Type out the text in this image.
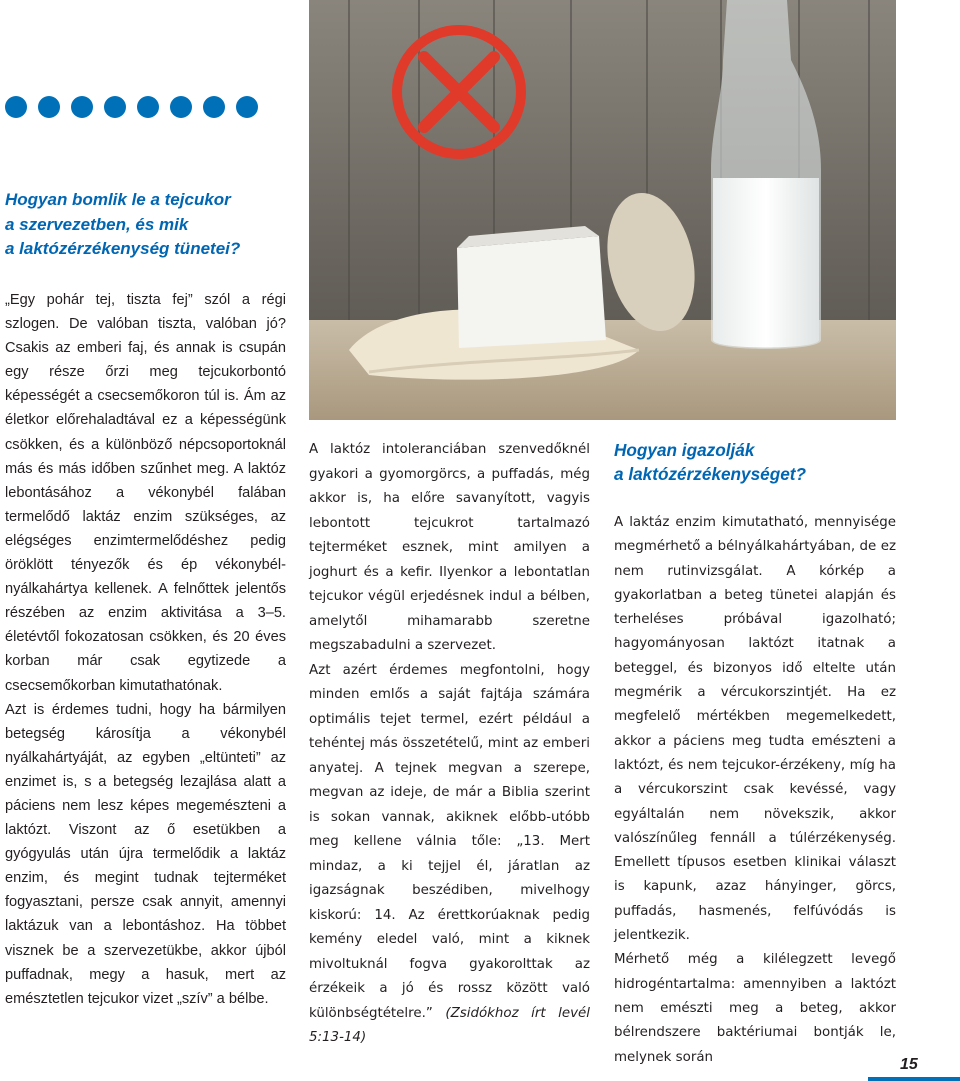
Hogyan bomlik le a tejcukor
a szervezetben, és mik
a laktózérzékenység tünetei?

„Egy pohár tej, tiszta fej” szól a régi szlogen. De valóban tiszta, valóban jó? Csakis az emberi faj, és annak is csupán egy része őrzi meg tejcukorbontó képességét a csecsemőkoron túl is. Ám az életkor előrehaladtával ez a képességünk csökken, és a különböző népcsoportoknál más és más időben szűnhet meg. A laktóz lebontásához a vékonybél falában termelődő laktáz enzim szükséges, az elégséges enzimtermelődéshez pedig öröklött tényezők és ép vékonybél-nyálkahártya kellenek. A felnőttek jelentős részében az enzim aktivitása a 3–5. életévtől fokozatosan csökken, és 20 éves korban már csak egytizede a csecsemőkorban kimutathatónak.

Azt is érdemes tudni, hogy ha bármilyen betegség károsítja a vékonybél nyálkahártyáját, az egyben „eltünteti” az enzimet is, s a betegség lezajlása alatt a páciens nem lesz képes megemészteni a laktózt. Viszont az ő esetükben a gyógyulás után újra termelődik a laktáz enzim, és megint tudnak tejterméket fogyasztani, persze csak annyit, amennyi laktázuk van a lebontáshoz. Ha többet visznek be a szervezetükbe, akkor újból puffadnak, megy a hasuk, mert az emésztetlen tejcukor vizet „szív” a bélbe.

A laktóz intoleranciában szenvedőknél gyakori a gyomorgörcs, a puffadás, még akkor is, ha előre savanyított, vagyis lebontott tejcukrot tartalmazó tejterméket esznek, mint amilyen a joghurt és a kefir. Ilyenkor a lebontatlan tejcukor végül erjedésnek indul a bélben, amelytől mihamarabb szeretne megszabadulni a szervezet.

Azt azért érdemes megfontolni, hogy minden emlős a saját fajtája számára optimális tejet termel, ezért például a tehéntej más összetételű, mint az emberi anyatej. A tejnek megvan a szerepe, megvan az ideje, de már a Biblia szerint is sokan vannak, akiknek előbb-utóbb meg kellene válnia tőle: „13. Mert mindaz, a ki tejjel él, járatlan az igazságnak beszédiben, mivelhogy kiskorú: 14. Az érettkorúaknak pedig kemény eledel való, mint a kiknek mivoltuknál fogva gyakorolttak az érzékeik a jó és rossz között való különbségtételre.” (Zsidókhoz írt levél 5:13-14)

Hogyan igazolják
a laktózérzékenységet?

A laktáz enzim kimutatható, mennyisége megmérhető a bélnyálkahártyában, de ez nem rutinvizsgálat. A kórkép a gyakorlatban a beteg tünetei alapján és terheléses próbával igazolható; hagyományosan laktózt itatnak a beteggel, és bizonyos idő eltelte után megmérik a vércukorszintjét. Ha ez megfelelő mértékben megemelkedett, akkor a páciens meg tudta emészteni a laktózt, és nem tejcukor-érzékeny, míg ha a vércukorszint csak kevéssé, vagy egyáltalán nem növekszik, akkor valószínűleg fennáll a túlérzékenység. Emellett típusos esetben klinikai választ is kapunk, azaz hányinger, görcs, puffadás, hasmenés, felfúvódás is jelentkezik.

Mérhető még a kilélegzett levegő hidrogéntartalma: amennyiben a laktózt nem emészti meg a beteg, akkor bélrendszere baktériumai bontják le, melynek során	15
